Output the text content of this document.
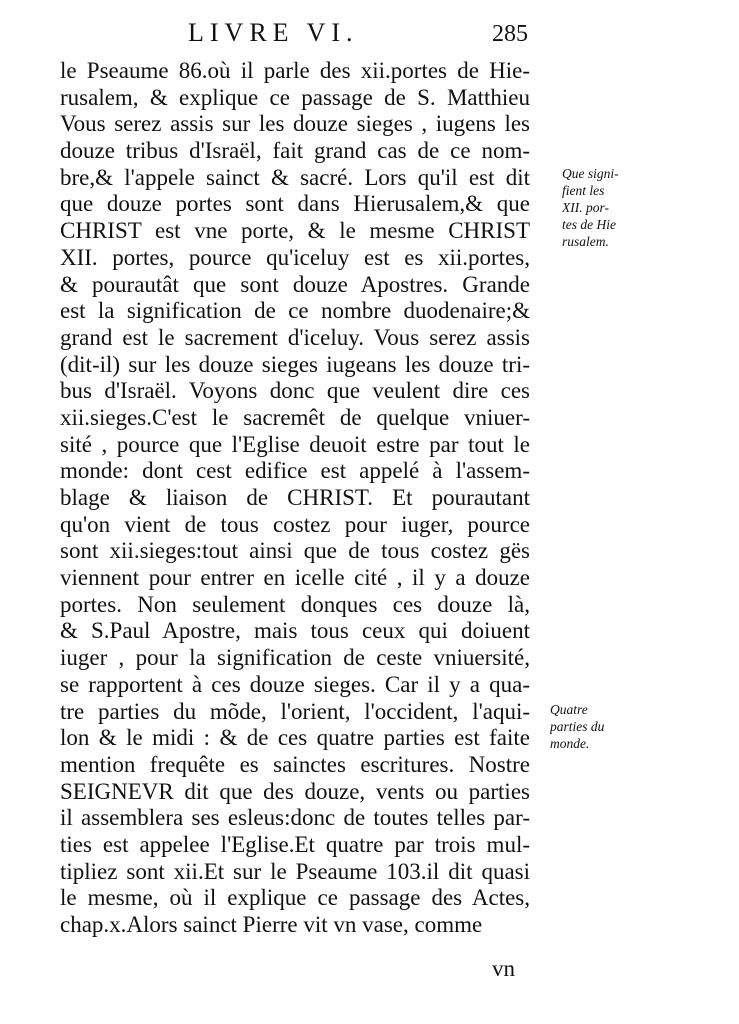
LIVRE VI.	285
le Pseaume 86.où il parle des xii.portes de Hie-
rusalem, & explique ce passage de S. Matthieu
Vous serez assis sur les douze sieges , iugens les
douze tribus d'Israël, fait grand cas de ce nom-
bre,& l'appele sainct & sacré. Lors qu'il est dit
que douze portes sont dans Hierusalem,& que
CHRIST est vne porte, & le mesme CHRIST
XII. portes, pource qu'iceluy est es xii.portes,
& pourautât que sont douze Apostres. Grande
est la signification de ce nombre duodenaire;&
grand est le sacrement d'iceluy. Vous serez assis
(dit-il) sur les douze sieges iugeans les douze tri-
bus d'Israël. Voyons donc que veulent dire ces
xii.sieges.C'est le sacremêt de quelque vniuer-
sité , pource que l'Eglise deuoit estre par tout le
monde: dont cest edifice est appelé à l'assem-
blage & liaison de CHRIST. Et pourautant
qu'on vient de tous costez pour iuger, pource
sont xii.sieges:tout ainsi que de tous costez gës
viennent pour entrer en icelle cité , il y a douze
portes. Non seulement donques ces douze là,
& S.Paul Apostre, mais tous ceux qui doiuent
iuger , pour la signification de ceste vniuersité,
se rapportent à ces douze sieges. Car il y a qua-
tre parties du mõde, l'orient, l'occident, l'aqui-
lon & le midi : & de ces quatre parties est faite
mention frequête es sainctes escritures. Nostre
SEIGNEVR dit que des douze, vents ou parties
il assemblera ses esleus:donc de toutes telles par-
ties est appelee l'Eglise.Et quatre par trois mul-
tipliez sont xii.Et sur le Pseaume 103.il dit quasi
le mesme, où il explique ce passage des Actes,
chap.x.Alors sainct Pierre vit vn vase, comme
Que signi-
fient les
XII. por-
tes de Hie
rusalem.
Quatre
parties du
monde.
vn
